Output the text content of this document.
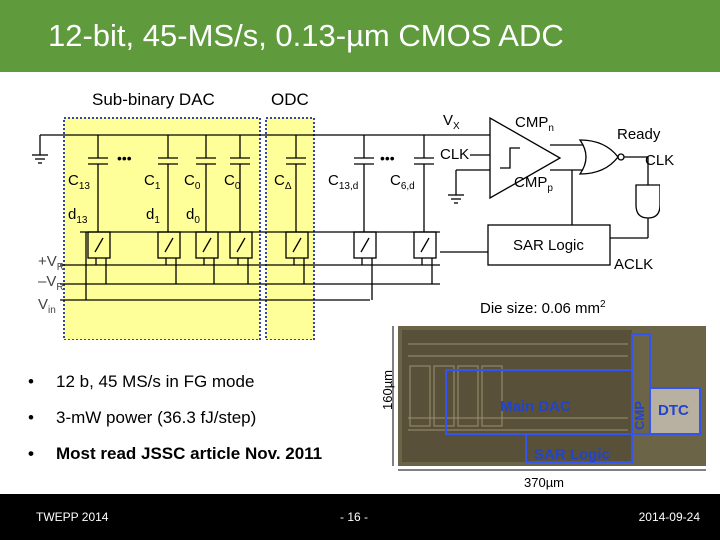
12-bit, 45-MS/s, 0.13-µm CMOS ADC
Sub-binary DAC	ODC
$V_X$	$CMP_n$
CLK
$CMP_p$
Ready
CLK
SAR Logic
ACLK
$+V_R$
$-V_R$
$V_{in}$
$C_{13}$	$C_1$ $C_0$ $C_0$ $C_\Delta$ $C_{13,d}$ $C_{6,d}$
$d_{13}$	$d_1$ $d_0$
•••	•••
Die size: 0.06 $mm^2$
• 12 b, 45 MS/s in FG mode
• 3-mW power (36.3 fJ/step)
• Most read JSSC article Nov. 2011
Main DAC	CMP DTC
SAR Logic
160µm
370µm
TWEPP 2014	- 16 -	2014-09-24
